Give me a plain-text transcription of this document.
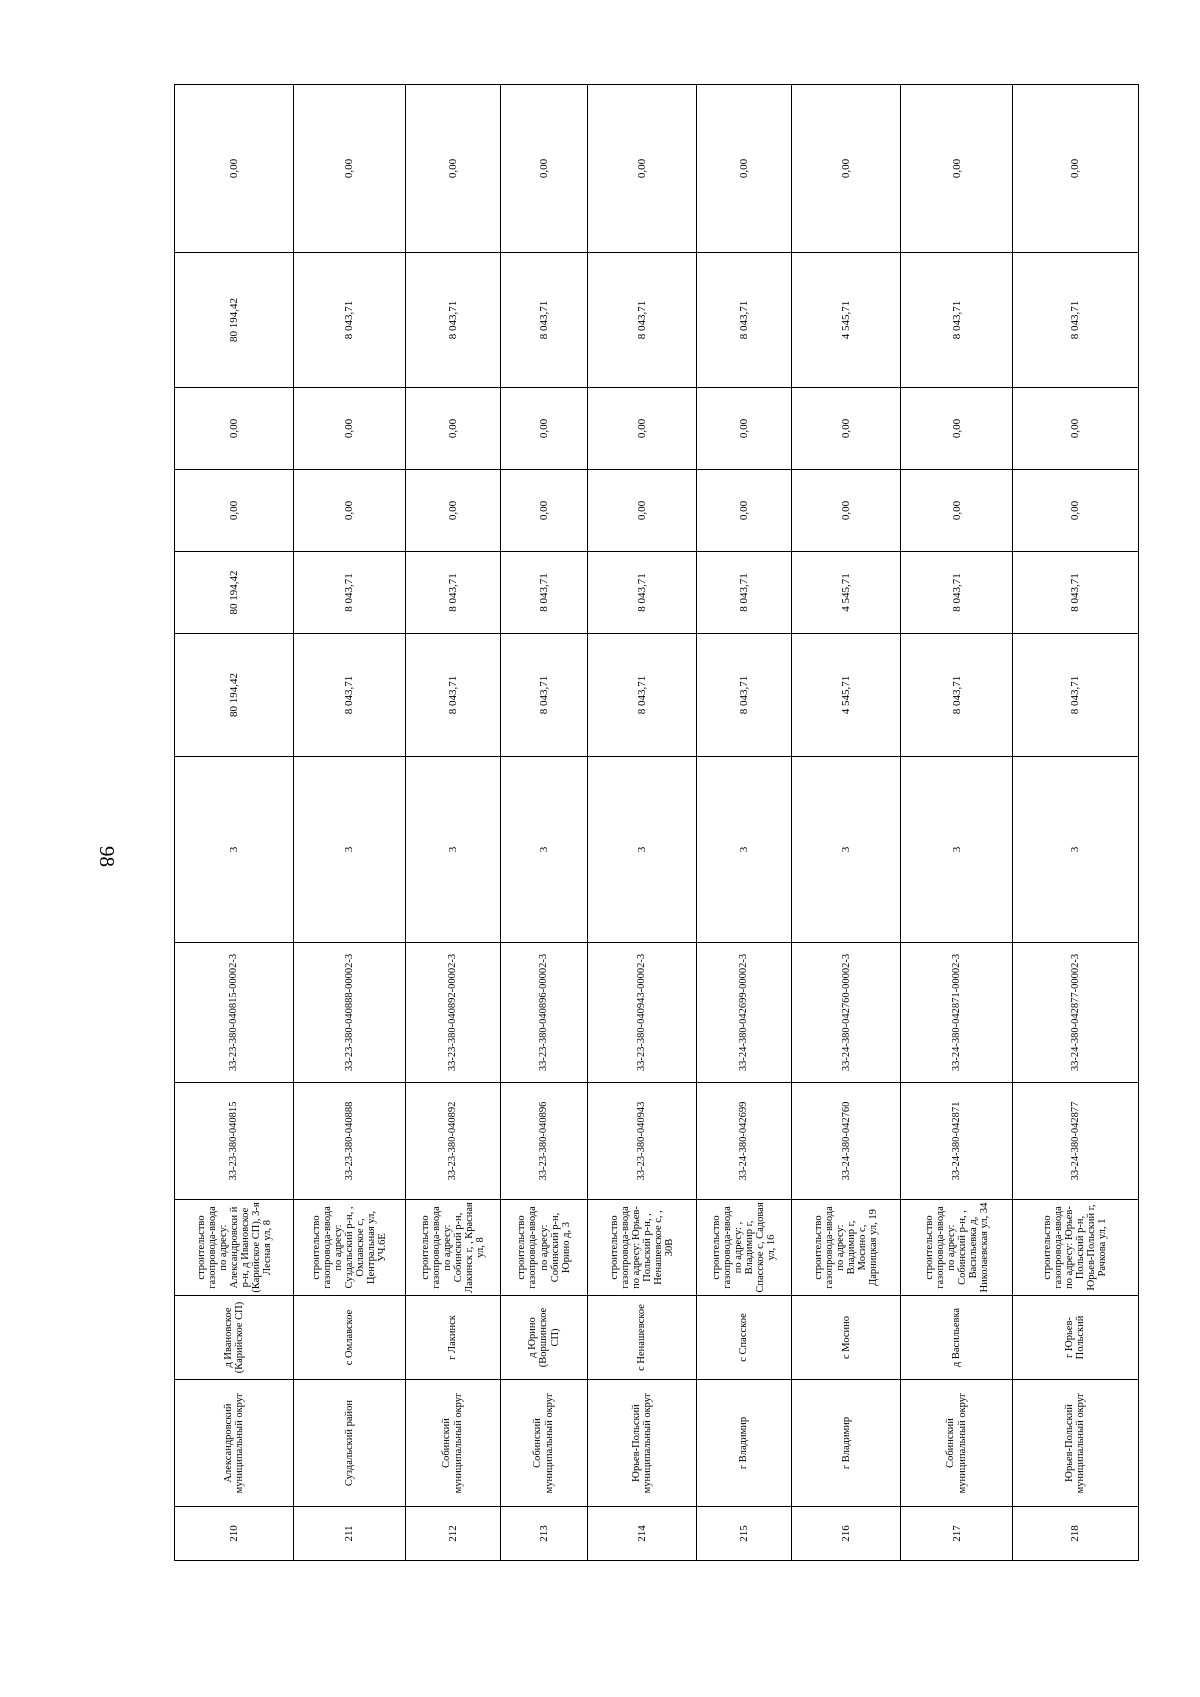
98
210	Александровский муниципальный округ	д Ивановское (Карийское СП)	строительство газопровода-ввода по адресу: Александровски й р-н, д Ивановское (Карийское СП), 3-я Лесная ул, 8	33-23-380-040815	33-23-380-040815-00002-3	3	80 194,42	80 194,42	0,00	0,00	80 194,42	0,00
211	Суздальский район	с Омлавское	строительство газопровода-ввода по адресу: Суздальский р-н, , Омлавское с, Центральная ул, УЧ.6Е	33-23-380-040888	33-23-380-040888-00002-3	3	8 043,71	8 043,71	0,00	0,00	8 043,71	0,00
212	Собинский муниципальный округ	г Лакинск	строительство газопровода-ввода по адресу: Собинский р-н, Лакинск г, , Красная ул, 8	33-23-380-040892	33-23-380-040892-00002-3	3	8 043,71	8 043,71	0,00	0,00	8 043,71	0,00
213	Собинский муниципальный округ	д Юрино (Воршинское СП)	строительство газопровода-ввода по адресу: Собинский р-н, Юрино д, 3	33-23-380-040896	33-23-380-040896-00002-3	3	8 043,71	8 043,71	0,00	0,00	8 043,71	0,00
214	Юрьев-Польский муниципальный округ	с Ненашевское	строительство газопровода-ввода по адресу: Юрьев-Польский р-н, , Ненашевское с, , 30В	33-23-380-040943	33-23-380-040943-00002-3	3	8 043,71	8 043,71	0,00	0,00	8 043,71	0,00
215	г Владимир	с Спасское	строительство газопровода-ввода по адресу: , Владимир г, Спасское с, Садовая ул, 16	33-24-380-042699	33-24-380-042699-00002-3	3	8 043,71	8 043,71	0,00	0,00	8 043,71	0,00
216	г Владимир	с Мосино	строительство газопровода-ввода по адресу: Владимир г, Мосино с, Дарницкая ул, 19	33-24-380-042760	33-24-380-042760-00002-3	3	4 545,71	4 545,71	0,00	0,00	4 545,71	0,00
217	Собинский муниципальный округ	д Васильевка	строительство газопровода-ввода по адресу: Собинский р-н, , Васильевка д, Николаевская ул, 34	33-24-380-042871	33-24-380-042871-00002-3	3	8 043,71	8 043,71	0,00	0,00	8 043,71	0,00
218	Юрьев-Польский муниципальный округ	г Юрьев-Польский	строительство газопровода-ввода по адресу: Юрьев-Польский р-н, Юрьев-Польский г, Рачкова ул, 1	33-24-380-042877	33-24-380-042877-00002-3	3	8 043,71	8 043,71	0,00	0,00	8 043,71	0,00
